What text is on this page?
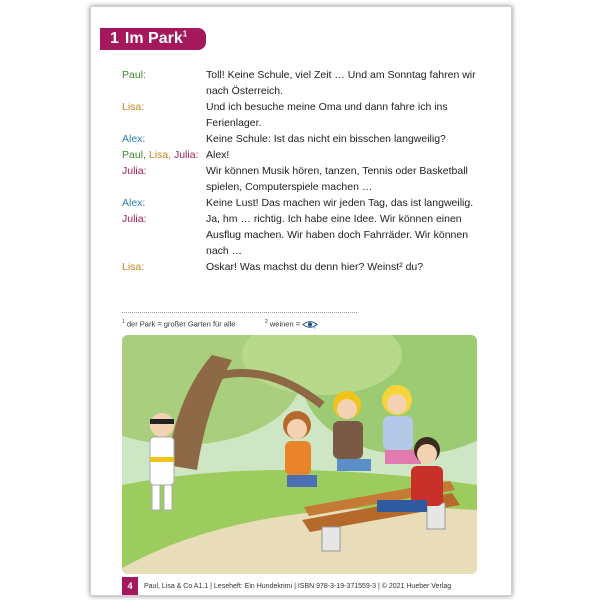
1 Im Park$^1$
Paul:	Toll! Keine Schule, viel Zeit … Und am Sonntag fahren wir nach Österreich.
Lisa:	Und ich besuche meine Oma und dann fahre ich ins Ferienlager.
Alex:	Keine Schule: Ist das nicht ein bisschen langweilig?
Paul, Lisa, Julia: Alex!
Julia:	Wir können Musik hören, tanzen, Tennis oder Basketball spielen, Computerspiele machen …
Alex:	Keine Lust! Das machen wir jeden Tag, das ist langweilig.
Julia:	Ja, hm … richtig. Ich habe eine Idee. Wir können einen Ausflug machen. Wir haben doch Fahrräder. Wir können nach …
Lisa:	Oskar! Was machst du denn hier? Weinst² du?
$^1$ der Park = großer Garten für alle	$^2$ weinen =
4	Paul, Lisa & Co A1.1 | Leseheft: Ein Hundekrimi | ISBN 978-3-19-371559-3 | © 2021 Hueber Verlag
